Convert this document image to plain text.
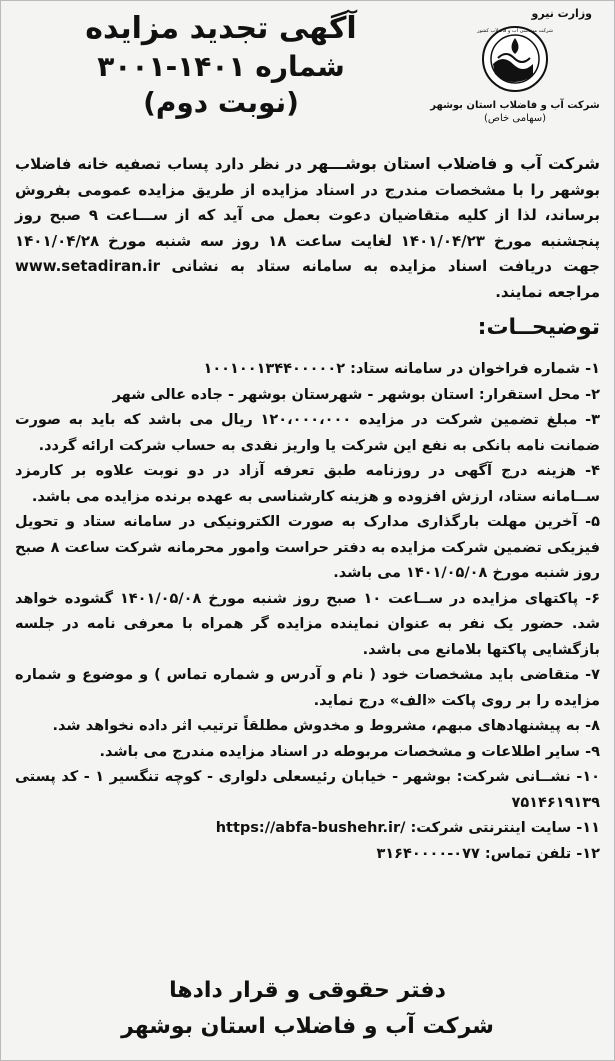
وزارت نیرو
شرکت مهندسی آب و فاضلاب کشور
شرکت آب و فاضلاب استان بوشهر
(سهامی خاص)
آگهی تجدید مزایده
شماره ۱۴۰۱-۳۰۰۱
(نوبت دوم)
شرکت آب و فاضلاب استان بوشـــهر در نظر دارد پساب تصفیه خانه فاضلاب بوشهر را با مشخصات مندرج در اسناد مزایده از طریق مزایده عمومی بفروش برساند، لذا از کلیه متقاضیان دعوت بعمل می آید که از ســـاعت ۹ صبح روز پنجشنبه مورخ ۱۴۰۱/۰۴/۲۳ لغایت ساعت ۱۸ روز سه شنبه مورخ ۱۴۰۱/۰۴/۲۸ جهت دریافت اسناد مزایده به سامانه ستاد به نشانی www.setadiran.ir مراجعه نمایند.
توضیحــات:

۱- شماره فراخوان در سامانه ستاد: ۱۰۰۱۰۰۱۳۴۴۰۰۰۰۰۲

۲- محل استقرار: استان بوشهر - شهرستان بوشهر - جاده عالی شهر

۳- مبلغ تضمین شرکت در مزایده ۱۲۰،۰۰۰،۰۰۰ ریال می باشد که باید به صورت ضمانت نامه بانکی به نفع این شرکت یا واریز نقدی به حساب شرکت ارائه گردد.

۴- هزینه درج آگهی در روزنامه طبق تعرفه آزاد در دو نوبت علاوه بر کارمزد ســامانه ستاد، ارزش افزوده و هزینه کارشناسی به عهده برنده مزایده می باشد.

۵- آخرین مهلت بارگذاری مدارک به صورت الکترونیکی در سامانه ستاد و تحویل فیزیکی تضمین شرکت مزایده به دفتر حراست وامور محرمانه شرکت ساعت ۸ صبح روز شنبه مورخ ۱۴۰۱/۰۵/۰۸ می باشد.

۶- پاکتهای مزایده در ســاعت ۱۰ صبح روز شنبه مورخ ۱۴۰۱/۰۵/۰۸ گشوده خواهد شد. حضور یک نفر به عنوان نماینده مزایده گر همراه با معرفی نامه در جلسه بازگشایی پاکتها بلامانع می باشد.

۷- متقاضی باید مشخصات خود ( نام و آدرس و شماره تماس ) و موضوع و شماره مزایده را بر روی پاکت «الف» درج نماید.

۸- به پیشنهادهای مبهم، مشروط و مخدوش مطلقاً ترتیب اثر داده نخواهد شد.

۹- سایر اطلاعات و مشخصات مربوطه در اسناد مزایده مندرج می باشد.

۱۰- نشــانی شرکت: بوشهر - خیابان رئیسعلی دلواری - کوچه تنگسیر ۱ - کد پستی ۷۵۱۴۶۱۹۱۳۹

۱۱- سایت اینترنتی شرکت: https://abfa-bushehr.ir/

۱۲- تلفن تماس: ۰۷۷-۳۱۶۴۰۰۰۰

دفتر حقوقی و قرار دادها
شرکت آب و فاضلاب استان بوشهر
